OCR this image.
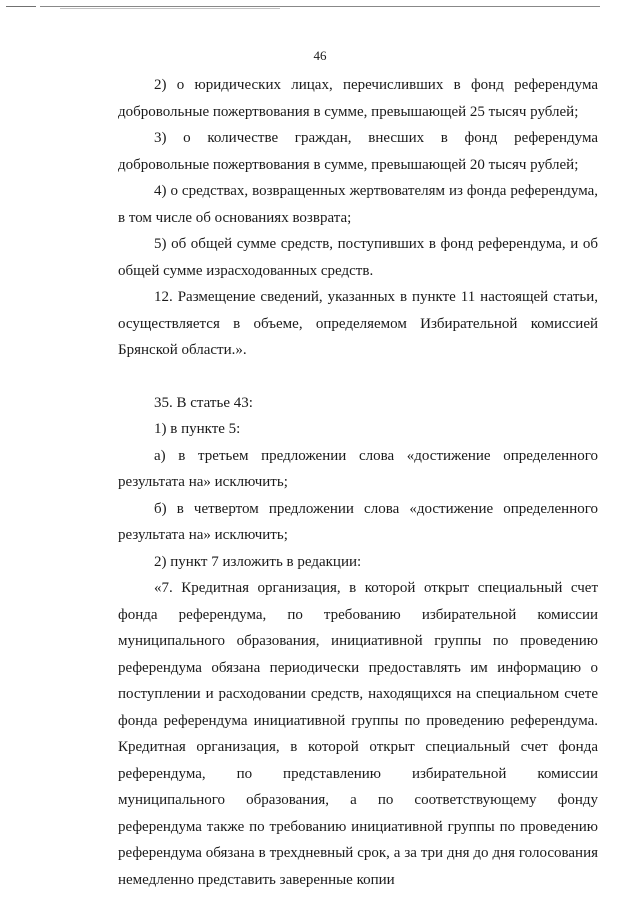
46

2) о юридических лицах, перечисливших в фонд референдума добровольные пожертвования в сумме, превышающей 25 тысяч рублей;

3) о количестве граждан, внесших в фонд референдума добровольные пожертвования в сумме, превышающей 20 тысяч рублей;

4) о средствах, возвращенных жертвователям из фонда референдума, в том числе об основаниях возврата;

5) об общей сумме средств, поступивших в фонд референдума, и об общей сумме израсходованных средств.

12. Размещение сведений, указанных в пункте 11 настоящей статьи, осуществляется в объеме, определяемом Избирательной комиссией Брянской области.».

35. В статье 43:

1) в пункте 5:

а) в третьем предложении слова «достижение определенного результата на» исключить;

б) в четвертом предложении слова «достижение определенного результата на» исключить;

2) пункт 7 изложить в редакции:

«7. Кредитная организация, в которой открыт специальный счет фонда референдума, по требованию избирательной комиссии муниципального образования, инициативной группы по проведению референдума обязана периодически предоставлять им информацию о поступлении и расходовании средств, находящихся на специальном счете фонда референдума инициативной группы по проведению референдума. Кредитная организация, в которой открыт специальный счет фонда референдума, по представлению избирательной комиссии муниципального образования, а по соответствующему фонду референдума также по требованию инициативной группы по проведению референдума обязана в трехдневный срок, а за три дня до дня голосования немедленно представить заверенные копии
